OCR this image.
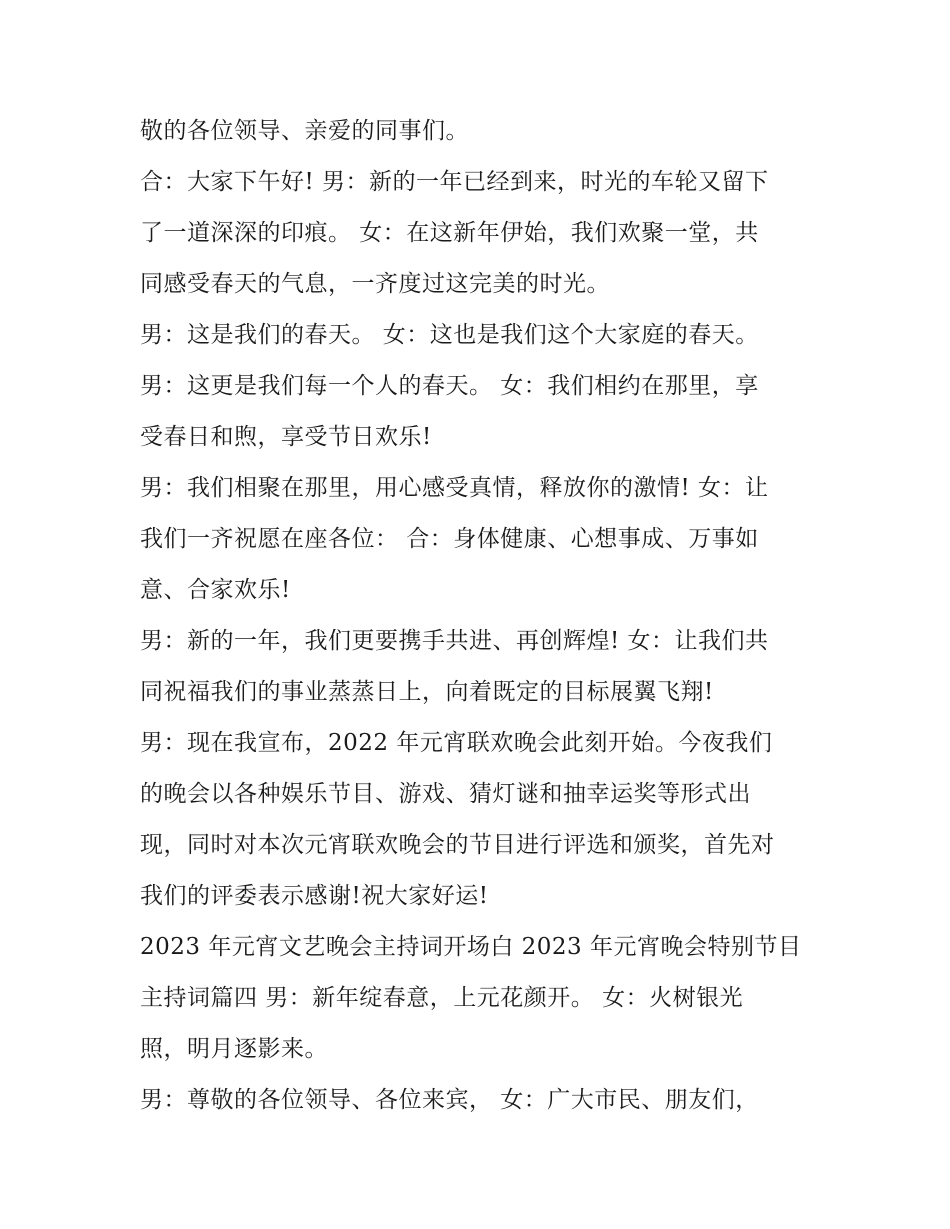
敬的各位领导、亲爱的同事们。
合：大家下午好! 男：新的一年已经到来，时光的车轮又留下
了一道深深的印痕。 女：在这新年伊始，我们欢聚一堂，共
同感受春天的气息，一齐度过这完美的时光。
男：这是我们的春天。 女：这也是我们这个大家庭的春天。
男：这更是我们每一个人的春天。 女：我们相约在那里，享
受春日和煦，享受节日欢乐!
男：我们相聚在那里，用心感受真情，释放你的激情! 女：让
我们一齐祝愿在座各位： 合：身体健康、心想事成、万事如
意、合家欢乐!
男：新的一年，我们更要携手共进、再创辉煌! 女：让我们共
同祝福我们的事业蒸蒸日上，向着既定的目标展翼飞翔!
男：现在我宣布，2022 年元宵联欢晚会此刻开始。今夜我们
的晚会以各种娱乐节目、游戏、猜灯谜和抽幸运奖等形式出
现，同时对本次元宵联欢晚会的节目进行评选和颁奖，首先对
我们的评委表示感谢!祝大家好运!
2023 年元宵文艺晚会主持词开场白 2023 年元宵晚会特别节目
主持词篇四 男：新年绽春意，上元花颜开。 女：火树银光
照，明月逐影来。
男：尊敬的各位领导、各位来宾， 女：广大市民、朋友们，
